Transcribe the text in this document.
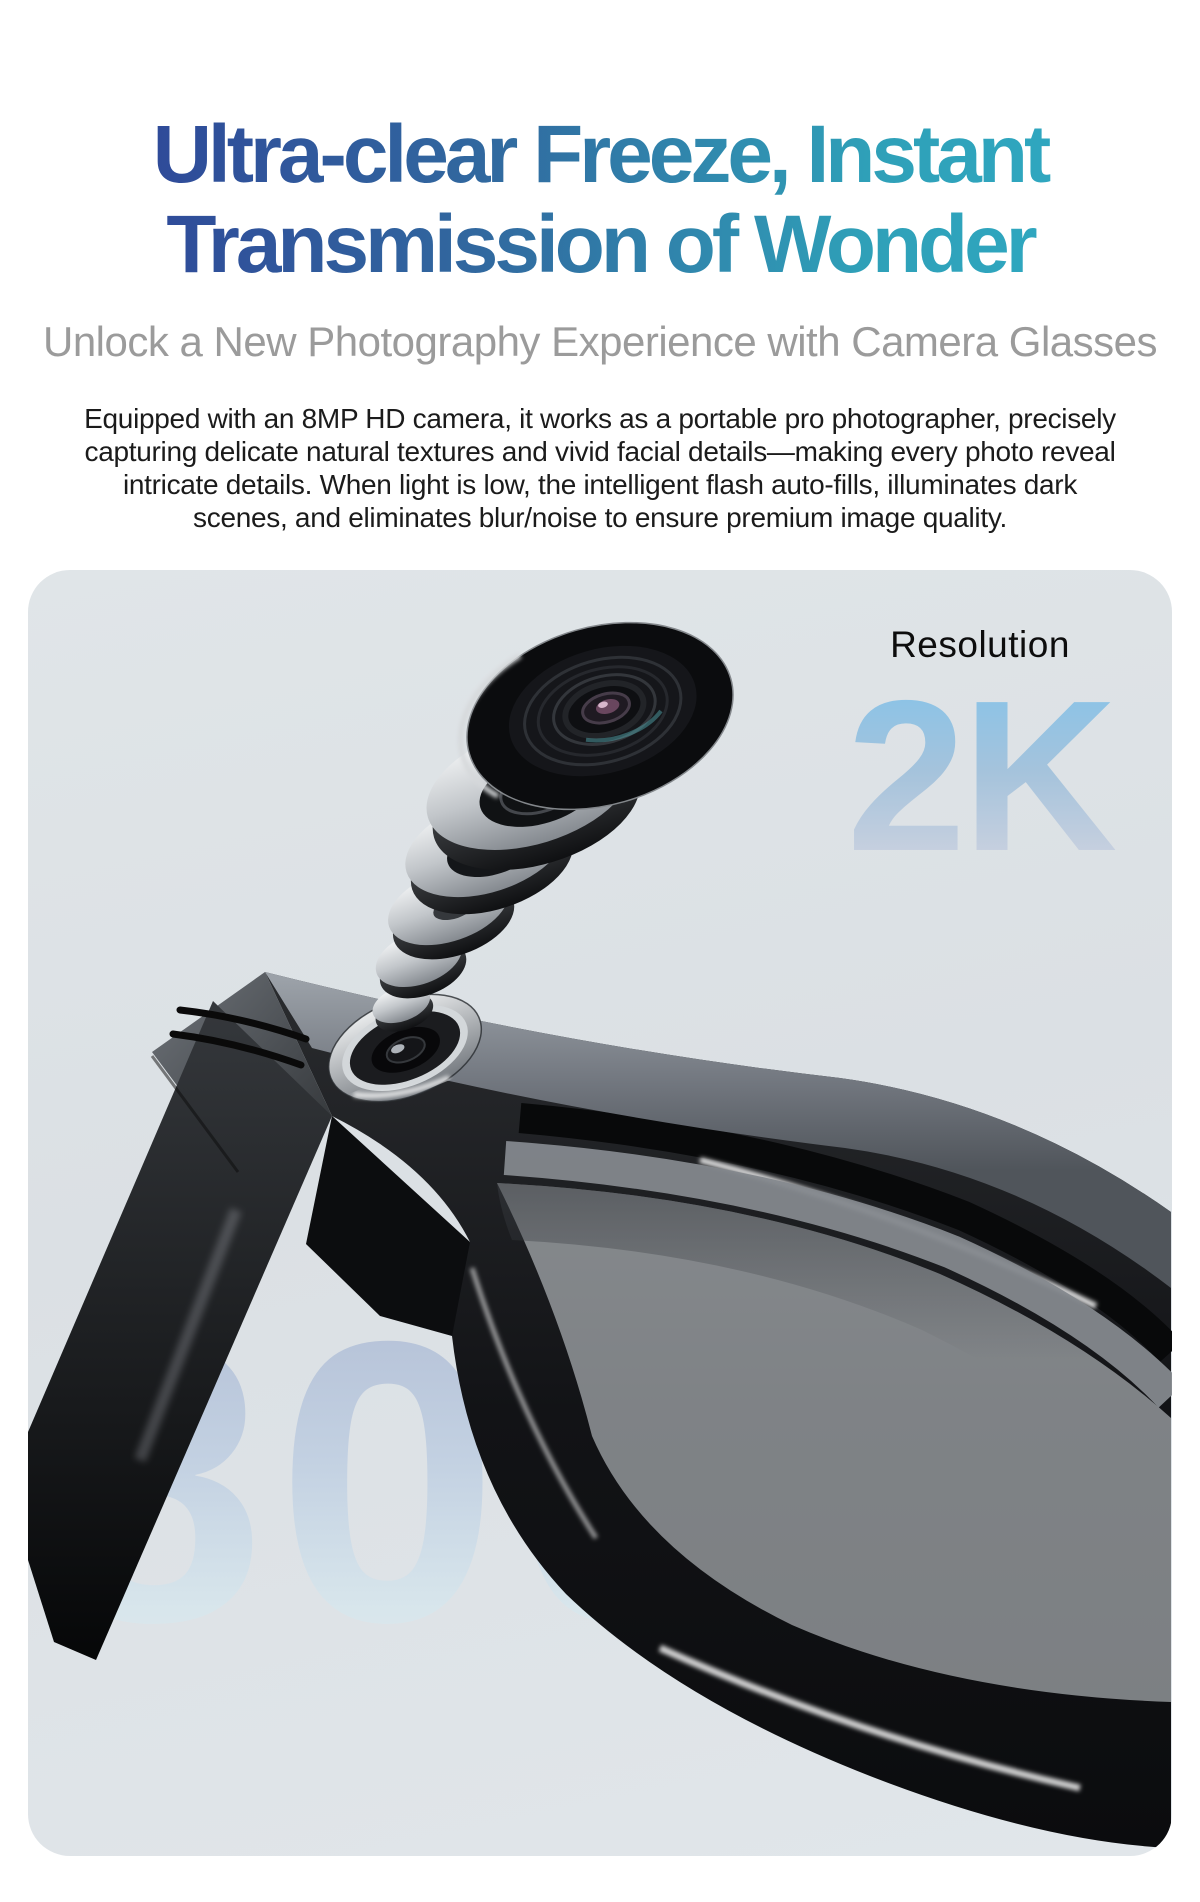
Ultra-clear Freeze, Instant
Transmission of Wonder
Unlock a New Photography Experience with Camera Glasses
Equipped with an 8MP HD camera, it works as a portable pro photographer, precisely
capturing delicate natural textures and vivid facial details—making every photo reveal
intricate details. When light is low, the intelligent flash auto-fills, illuminates dark
scenes, and eliminates blur/noise to ensure premium image quality.
Resolution
2K
